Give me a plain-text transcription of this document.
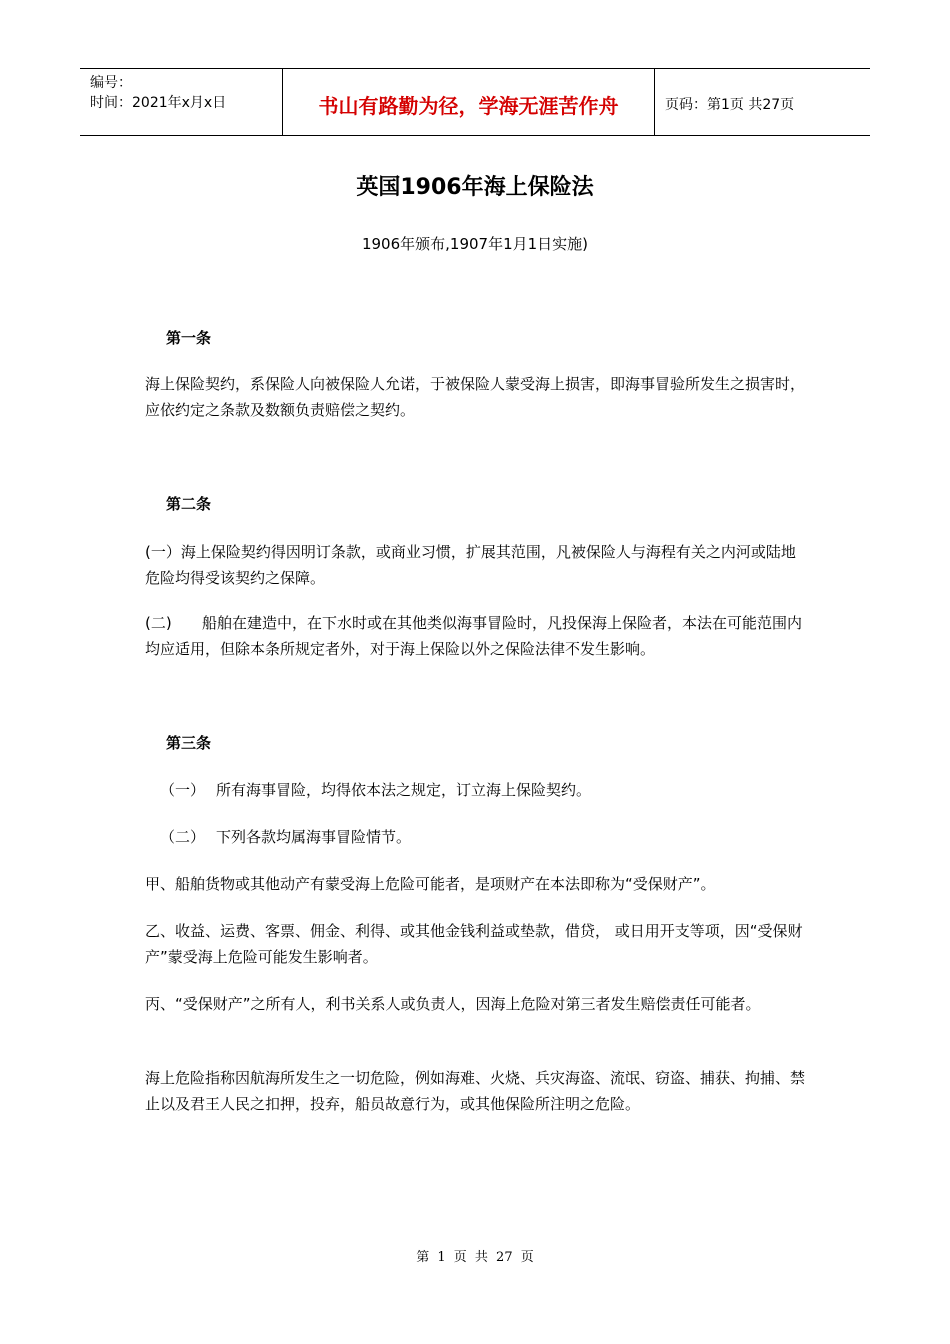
编号：
时间：2021年x月x日	书山有路勤为径，学海无涯苦作舟	页码：第1页 共27页
英国1906年海上保险法
1906年颁布,1907年1月1日实施)

第一条

海上保险契约，系保险人向被保险人允诺，于被保险人蒙受海上损害，即海事冒验所发生之损害时，应依约定之条款及数额负责赔偿之契约。

第二条

(一）海上保险契约得因明订条款，或商业习惯，扩展其范围，凡被保险人与海程有关之内河或陆地危险均得受该契约之保障。

(二) 船舶在建造中，在下水时或在其他类似海事冒险时，凡投保海上保险者，本法在可能范围内均应适用，但除本条所规定者外，对于海上保险以外之保险法律不发生影响。

第三条

（一） 所有海事冒险，均得依本法之规定，订立海上保险契约。

（二） 下列各款均属海事冒险情节。

甲、船舶货物或其他动产有蒙受海上危险可能者，是项财产在本法即称为“受保财产”。

乙、收益、运费、客票、佣金、利得、或其他金钱利益或垫款，借贷， 或日用开支等项，因“受保财产”蒙受海上危险可能发生影响者。

丙、“受保财产”之所有人，利书关系人或负责人，因海上危险对第三者发生赔偿责任可能者。

海上危险指称因航海所发生之一切危险，例如海难、火烧、兵灾海盗、流氓、窃盗、捕获、拘捕、禁止以及君王人民之扣押，投弃，船员故意行为，或其他保险所注明之危险。

第 1 页 共 27 页
